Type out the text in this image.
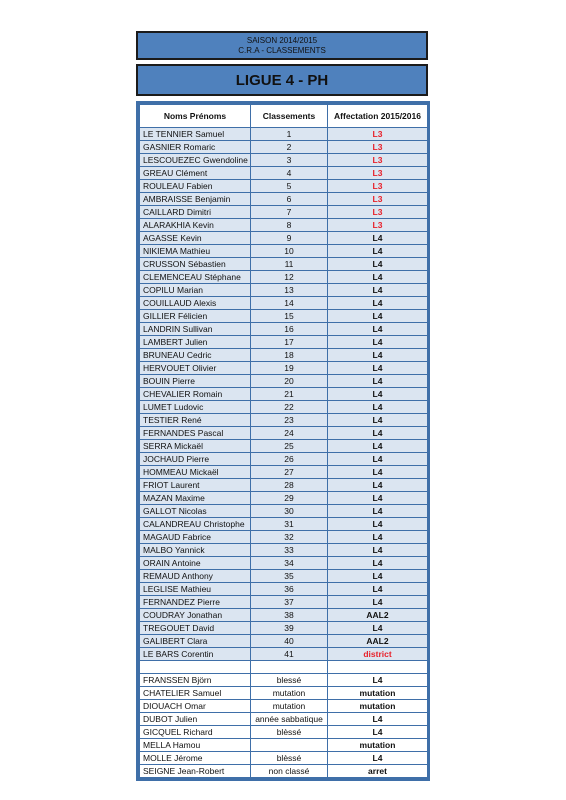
SAISON 2014/2015
C.R.A - CLASSEMENTS
LIGUE 4 - PH
Noms Prénoms	Classements	Affectation 2015/2016
LE TENNIER Samuel	1	L3
GASNIER Romaric	2	L3
LESCOUEZEC Gwendoline	3	L3
GREAU Clément	4	L3
ROULEAU Fabien	5	L3
AMBRAISSE Benjamin	6	L3
CAILLARD Dimitri	7	L3
ALARAKHIA Kevin	8	L3
AGASSE Kevin	9	L4
NIKIEMA Mathieu	10	L4
CRUSSON Sébastien	11	L4
CLEMENCEAU Stéphane	12	L4
COPILU Marian	13	L4
COUILLAUD Alexis	14	L4
GILLIER Félicien	15	L4
LANDRIN Sullivan	16	L4
LAMBERT Julien	17	L4
BRUNEAU Cedric	18	L4
HERVOUET Olivier	19	L4
BOUIN Pierre	20	L4
CHEVALIER Romain	21	L4
LUMET Ludovic	22	L4
TESTIER René	23	L4
FERNANDES Pascal	24	L4
SERRA Mickaël	25	L4
JOCHAUD Pierre	26	L4
HOMMEAU Mickaël	27	L4
FRIOT Laurent	28	L4
MAZAN Maxime	29	L4
GALLOT Nicolas	30	L4
CALANDREAU Christophe	31	L4
MAGAUD Fabrice	32	L4
MALBO Yannick	33	L4
ORAIN Antoine	34	L4
REMAUD Anthony	35	L4
LEGLISE Mathieu	36	L4
FERNANDEZ Pierre	37	L4
COUDRAY Jonathan	38	AAL2
TREGOUET David	39	L4
GALIBERT Clara	40	AAL2
LE BARS Corentin	41	district

FRANSSEN Björn	blessé	L4
CHATELIER Samuel	mutation	mutation
DIOUACH Omar	mutation	mutation
DUBOT Julien	année sabbatique	L4
GICQUEL Richard	blèssé	L4
MELLA Hamou		mutation
MOLLE Jérome	blèssé	L4
SEIGNE Jean-Robert	non classé	arret
